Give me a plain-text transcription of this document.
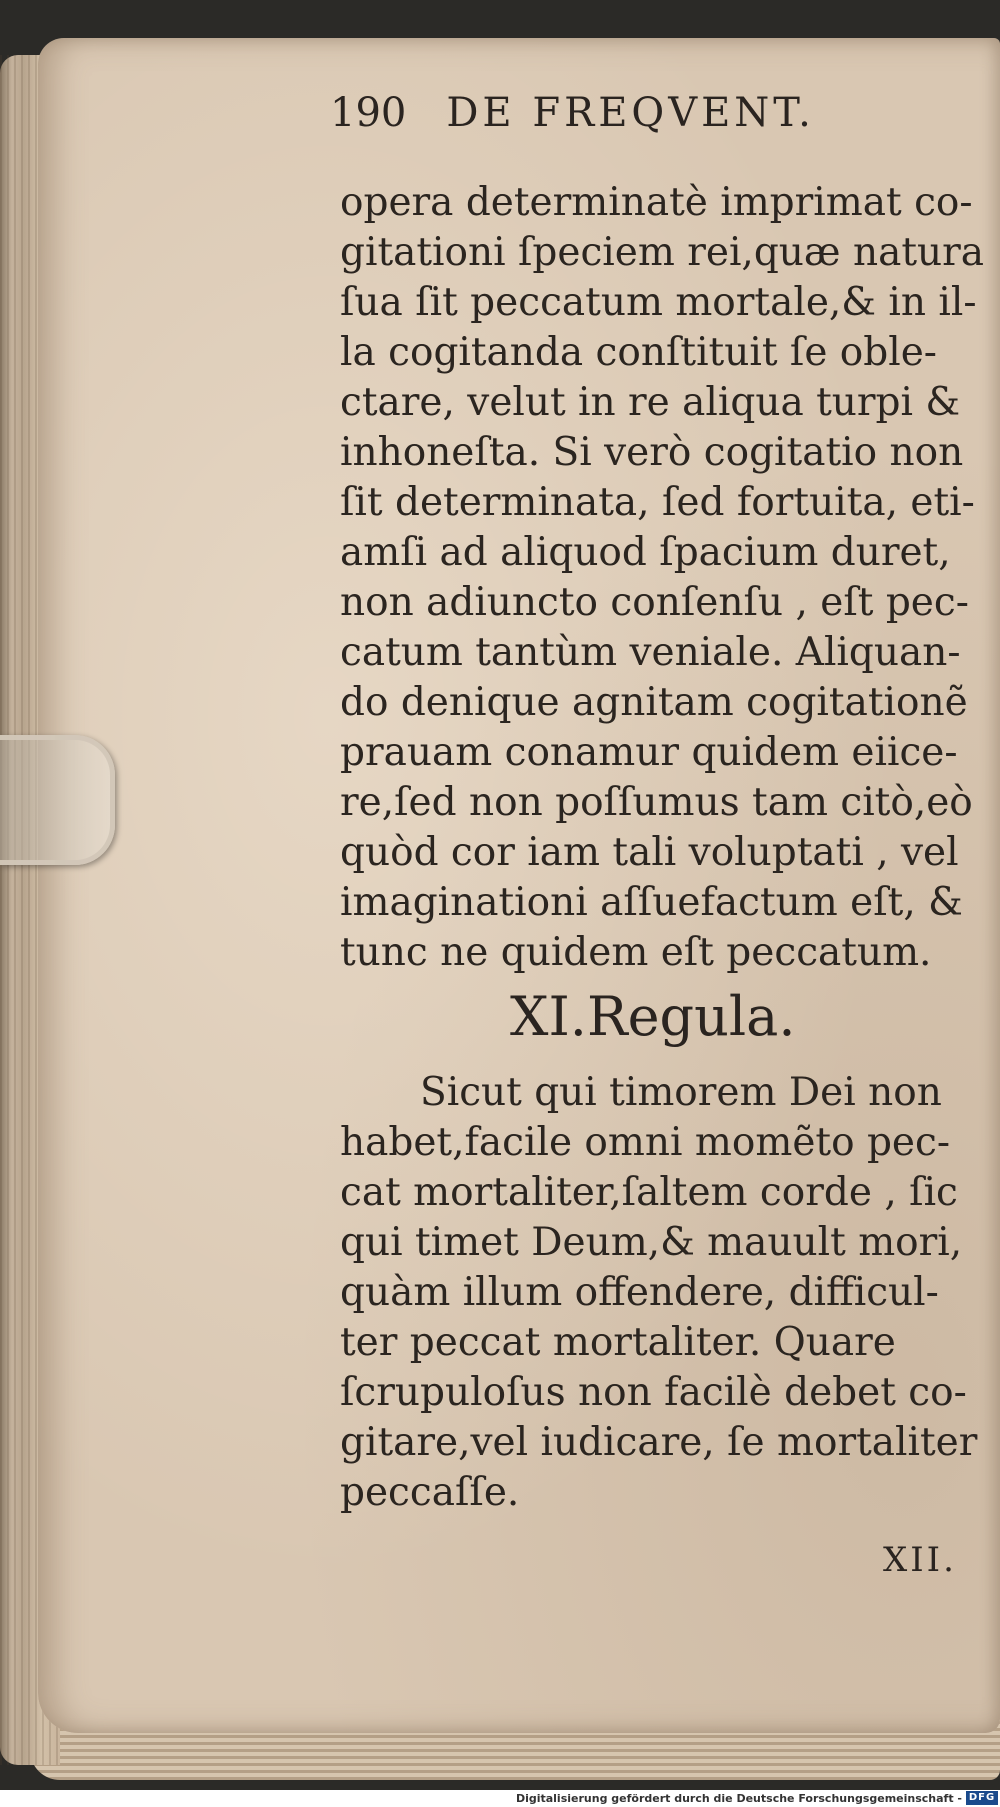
190 DE FREQVENT.
opera determinatè imprimat co-
gitationi ſpeciem rei,quæ natura
ſua ſit peccatum mortale,& in il-
la cogitanda conſtituit ſe oble-
ctare, velut in re aliqua turpi &
inhoneſta. Si verò cogitatio non
ſit determinata, ſed fortuita, eti-
amſi ad aliquod ſpacium duret,
non adiuncto conſenſu , eſt pec-
catum tantùm veniale. Aliquan-
do denique agnitam cogitationẽ
prauam conamur quidem eiice-
re,ſed non poſſumus tam citò,eò
quòd cor iam tali voluptati , vel
imaginationi aſſuefactum eſt, &
tunc ne quidem eſt peccatum.
Sicut qui timorem Dei non
habet,facile omni momẽto pec-
cat mortaliter,ſaltem corde , ſic
qui timet Deum,& mauult mori,
quàm illum offendere, difficul-
ter peccat mortaliter. Quare
ſcrupuloſus non facilè debet co-
gitare,vel iudicare, ſe mortaliter
peccaſſe.
XI.Regula.
XII.
Digitalisierung gefördert durch die Deutsche Forschungsgemeinschaft - DFG
